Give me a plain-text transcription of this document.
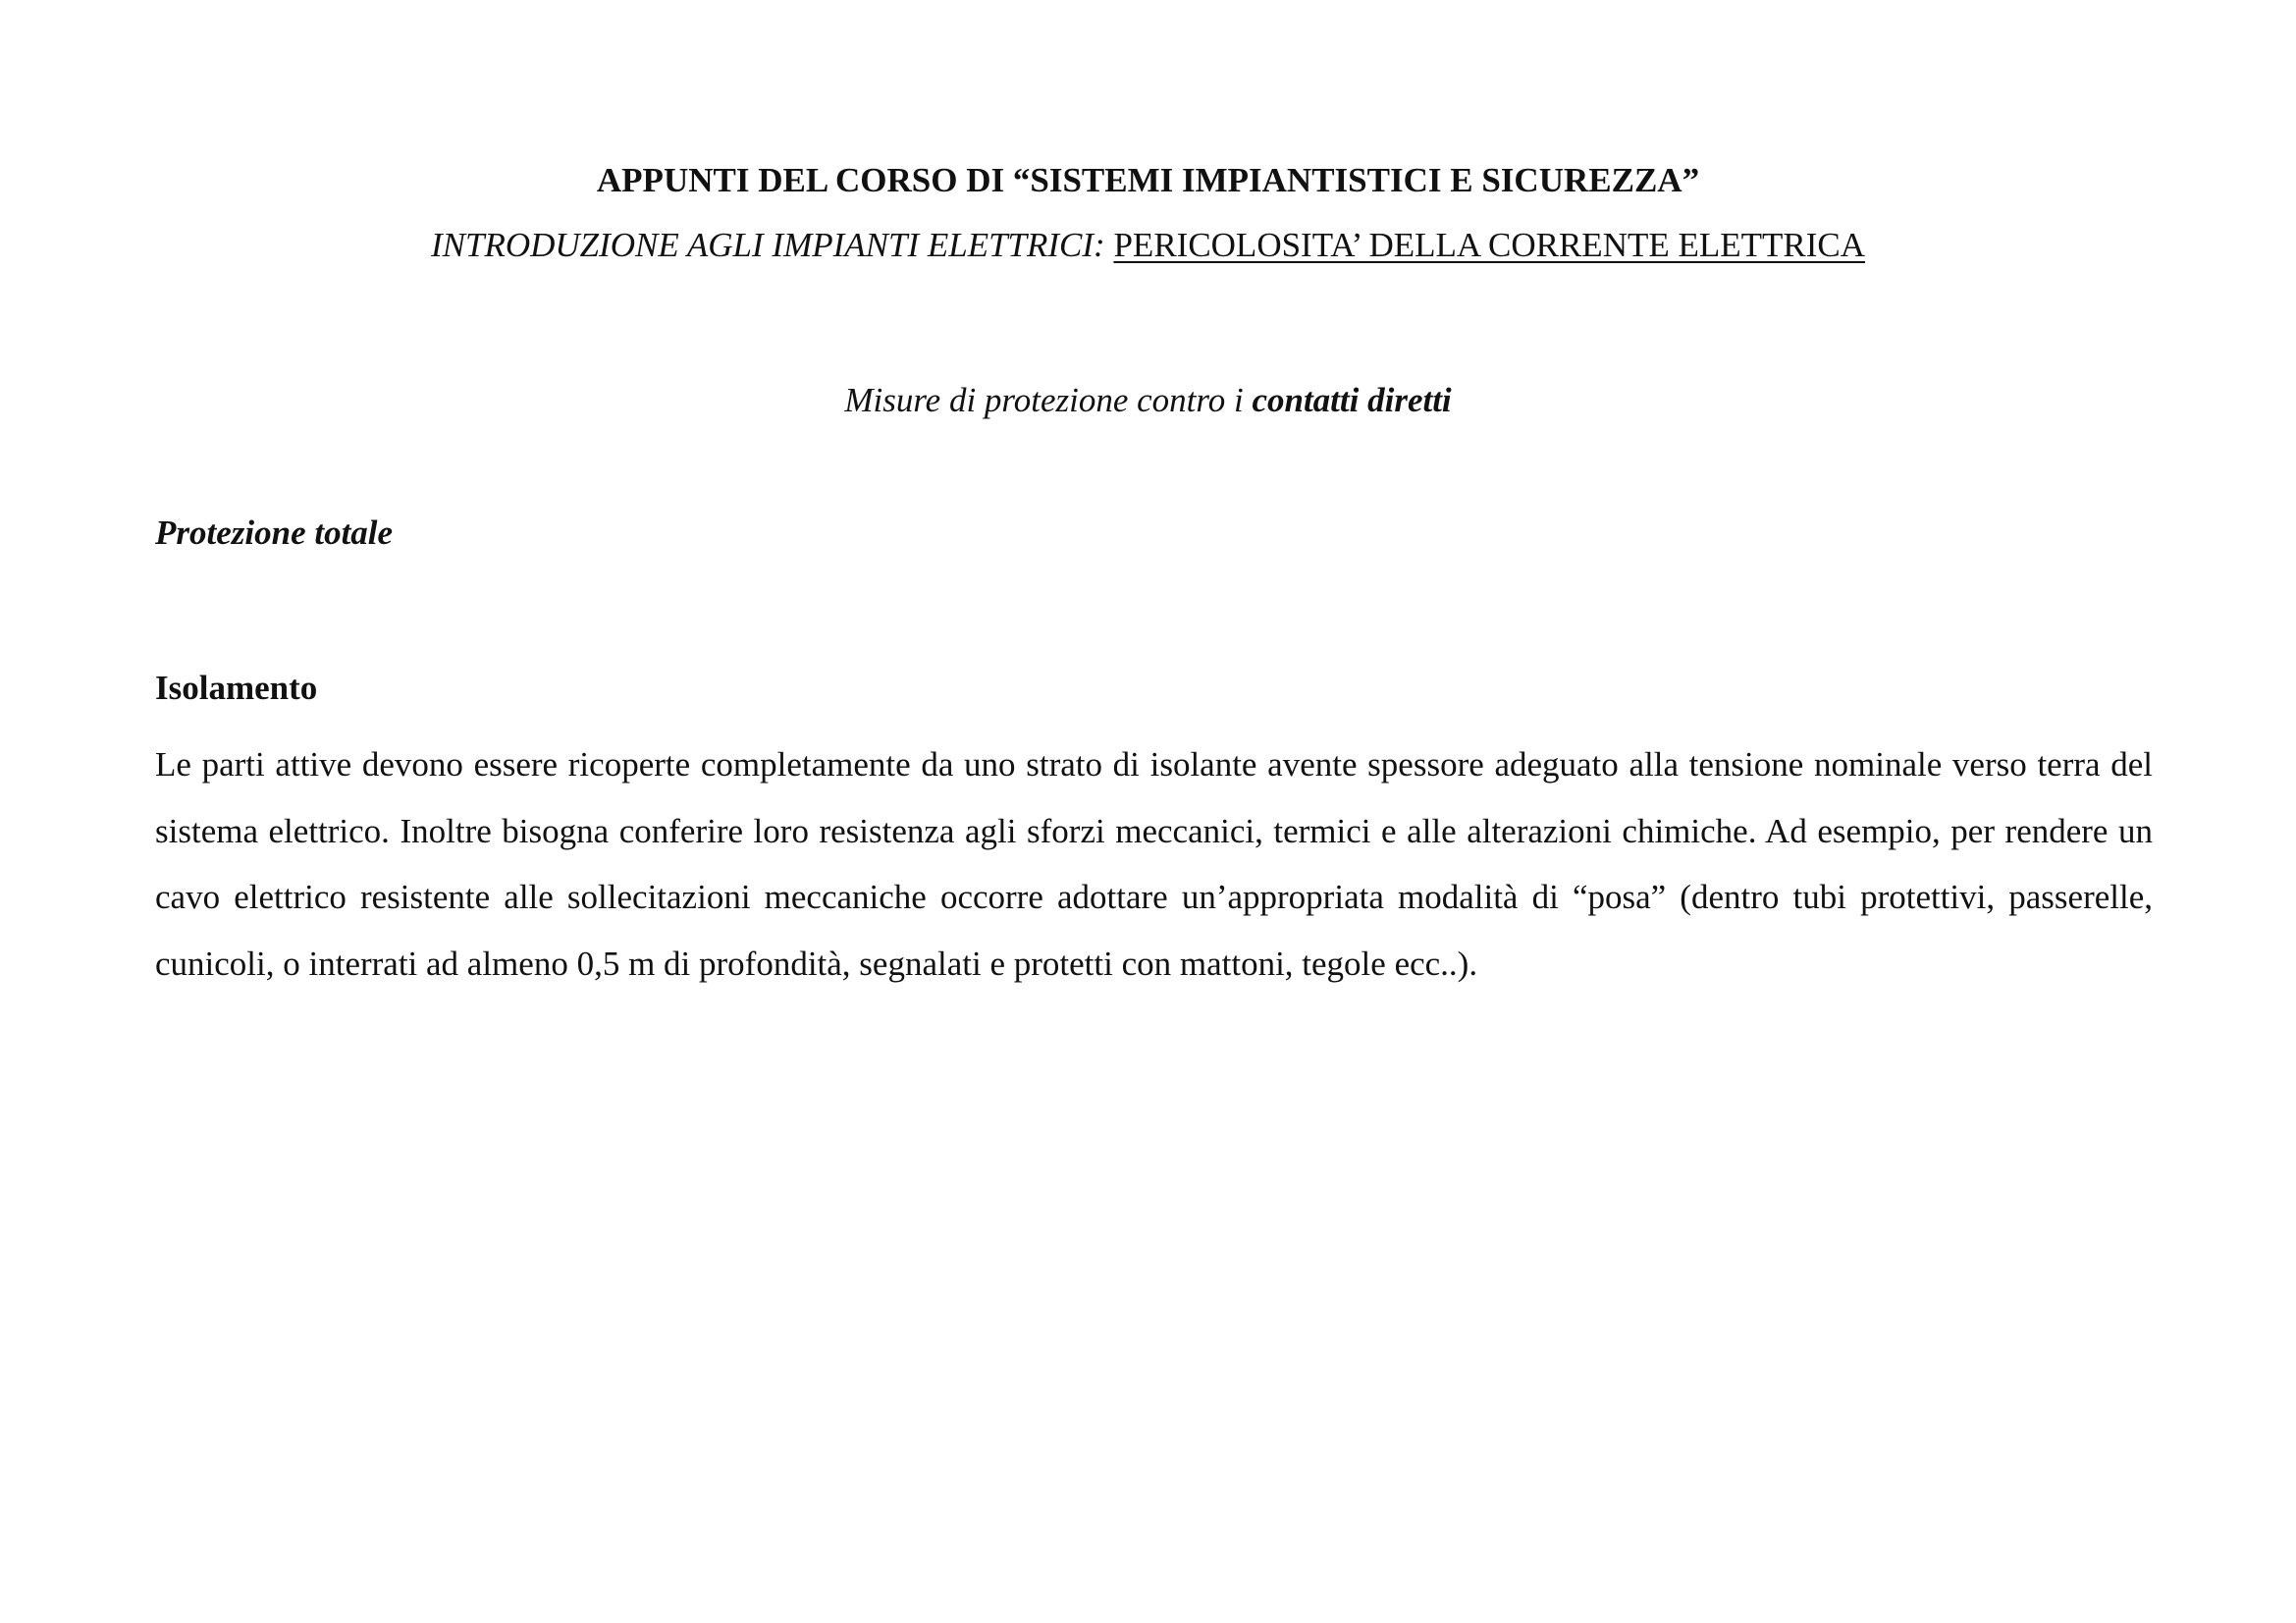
APPUNTI DEL CORSO DI “SISTEMI IMPIANTISTICI E SICUREZZA”
INTRODUZIONE AGLI IMPIANTI ELETTRICI: PERICOLOSITA’ DELLA CORRENTE ELETTRICA
Misure di protezione contro i contatti diretti
Protezione totale
Isolamento

Le parti attive devono essere ricoperte completamente da uno strato di isolante avente spessore adeguato alla tensione nominale verso terra del sistema elettrico. Inoltre bisogna conferire loro resistenza agli sforzi meccanici, termici e alle alterazioni chimiche. Ad esempio, per rendere un cavo elettrico resistente alle sollecitazioni meccaniche occorre adottare un’appropriata modalità di “posa” (dentro tubi protettivi, passerelle, cunicoli, o interrati ad almeno 0,5 m di profondità, segnalati e protetti con mattoni, tegole ecc..).
